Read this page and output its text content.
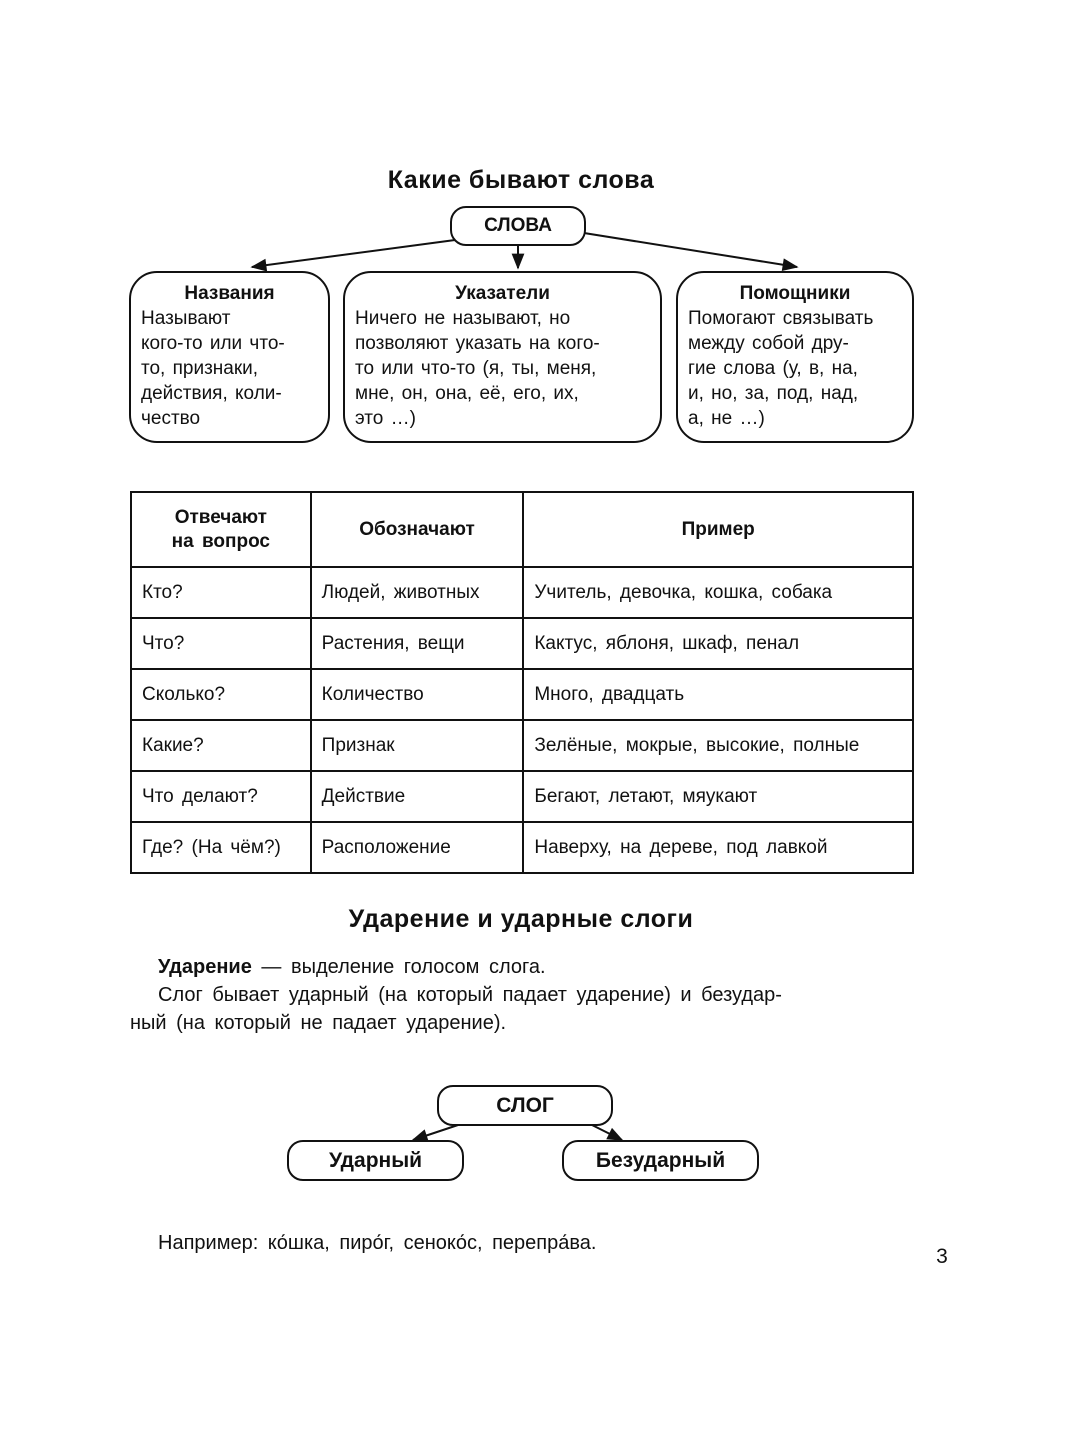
Какие бывают слова
СЛОВА
Названия
Называют
кого-то или что-
то, признаки,
действия, коли-
чество
Указатели
Ничего не называют, но
позволяют указать на кого-
то или что-то (я, ты, меня,
мне, он, она, её, его, их,
это …)
Помощники
Помогают связывать
между собой дру-
гие слова (у, в, на,
и, но, за, под, над,
а, не …)
Отвечают
на вопрос	Обозначают	Пример
Кто?	Людей, животных	Учитель, девочка, кошка, собака
Что?	Растения, вещи	Кактус, яблоня, шкаф, пенал
Сколько?	Количество	Много, двадцать
Какие?	Признак	Зелёные, мокрые, высокие, полные
Что делают?	Действие	Бегают, летают, мяукают
Где? (На чём?)	Расположение	Наверху, на дереве, под лавкой
Ударение и ударные слоги
Ударение — выделение голосом слога.
Слог бывает ударный (на который падает ударение) и безудар-
ный (на который не падает ударение).
СЛОГ
Ударный	Безударный
Например: ко́шка, пиро́г, сеноко́с, перепра́ва.
3
